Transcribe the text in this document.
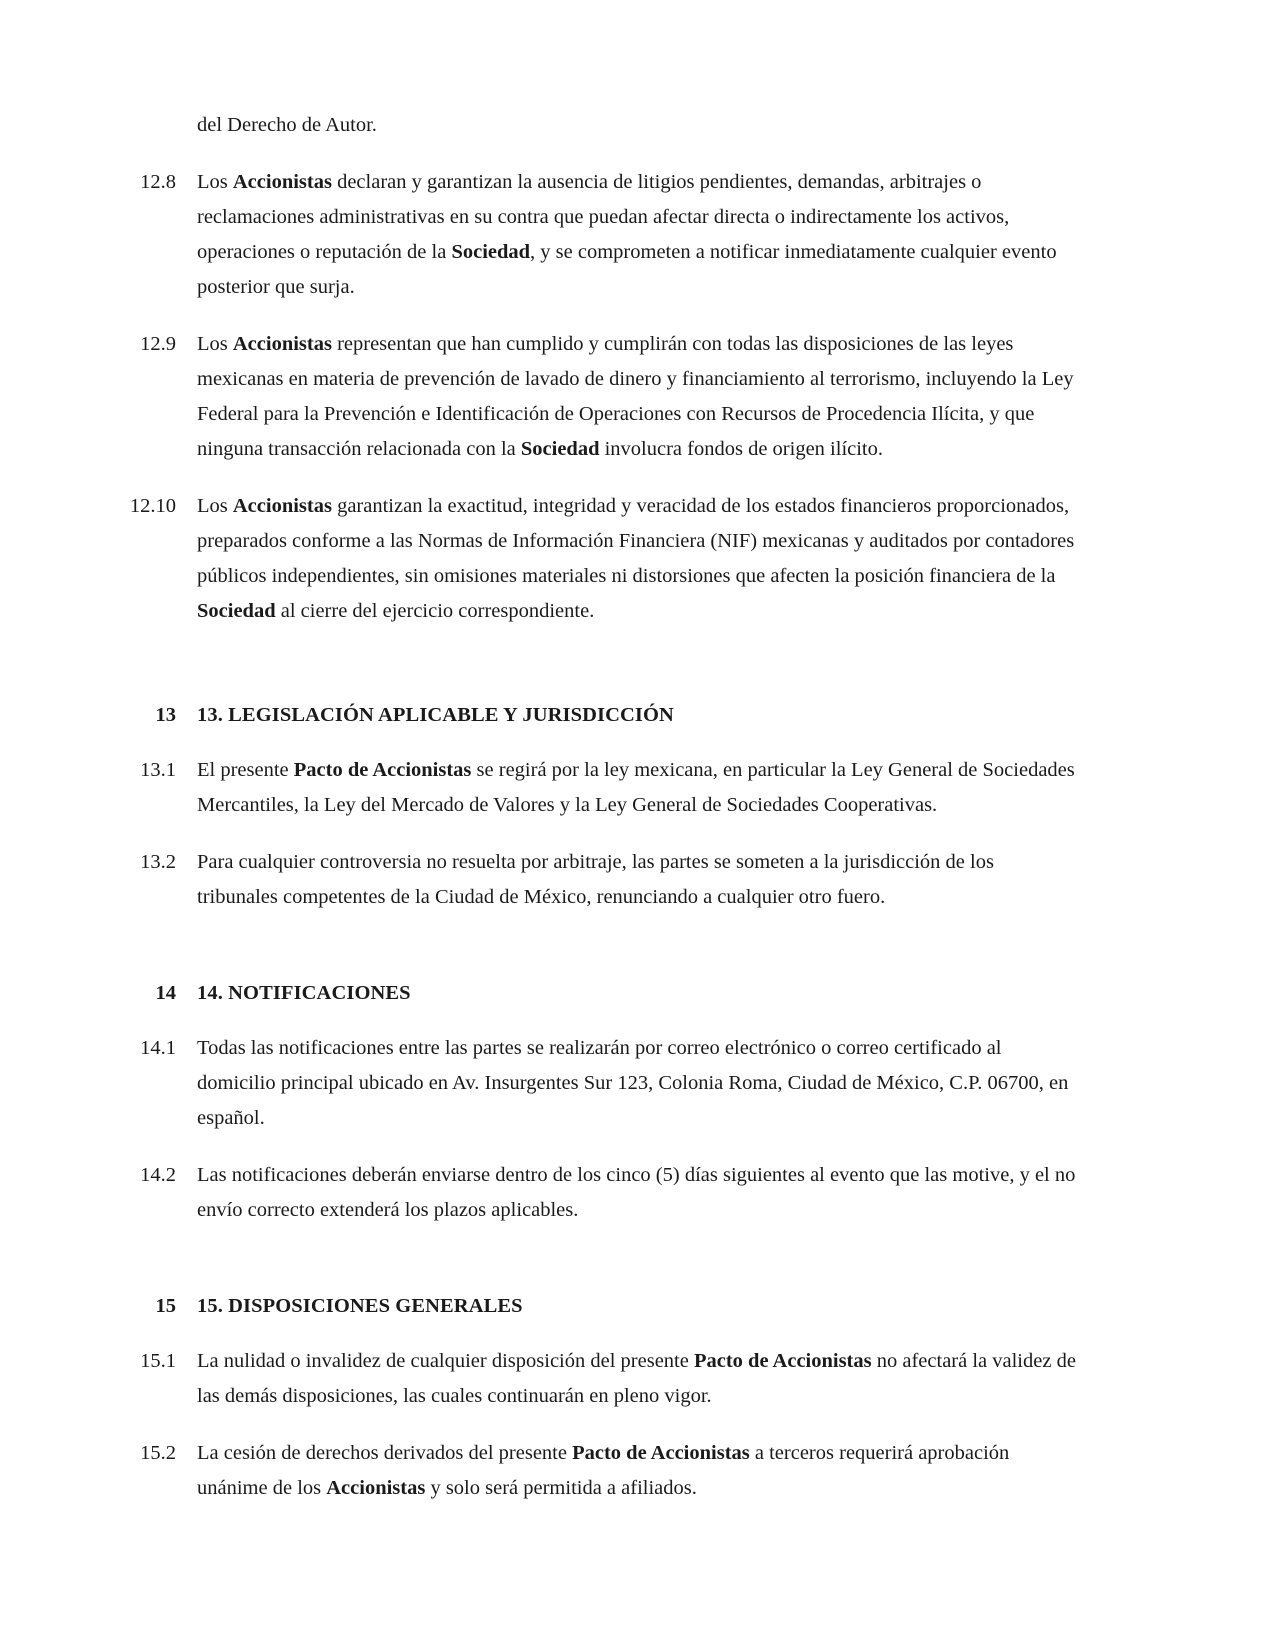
del Derecho de Autor.

12.8	Los Accionistas declaran y garantizan la ausencia de litigios pendientes, demandas, arbitrajes o reclamaciones administrativas en su contra que puedan afectar directa o indirectamente los activos, operaciones o reputación de la Sociedad, y se comprometen a notificar inmediatamente cualquier evento posterior que surja.
12.9	Los Accionistas representan que han cumplido y cumplirán con todas las disposiciones de las leyes mexicanas en materia de prevención de lavado de dinero y financiamiento al terrorismo, incluyendo la Ley Federal para la Prevención e Identificación de Operaciones con Recursos de Procedencia Ilícita, y que ninguna transacción relacionada con la Sociedad involucra fondos de origen ilícito.
12.10	Los Accionistas garantizan la exactitud, integridad y veracidad de los estados financieros proporcionados, preparados conforme a las Normas de Información Financiera (NIF) mexicanas y auditados por contadores públicos independientes, sin omisiones materiales ni distorsiones que afecten la posición financiera de la Sociedad al cierre del ejercicio correspondiente.
13	13. LEGISLACIÓN APLICABLE Y JURISDICCIÓN
13.1	El presente Pacto de Accionistas se regirá por la ley mexicana, en particular la Ley General de Sociedades Mercantiles, la Ley del Mercado de Valores y la Ley General de Sociedades Cooperativas.
13.2	Para cualquier controversia no resuelta por arbitraje, las partes se someten a la jurisdicción de los tribunales competentes de la Ciudad de México, renunciando a cualquier otro fuero.
14	14. NOTIFICACIONES
14.1	Todas las notificaciones entre las partes se realizarán por correo electrónico o correo certificado al domicilio principal ubicado en Av. Insurgentes Sur 123, Colonia Roma, Ciudad de México, C.P. 06700, en español.
14.2	Las notificaciones deberán enviarse dentro de los cinco (5) días siguientes al evento que las motive, y el no envío correcto extenderá los plazos aplicables.
15	15. DISPOSICIONES GENERALES
15.1	La nulidad o invalidez de cualquier disposición del presente Pacto de Accionistas no afectará la validez de las demás disposiciones, las cuales continuarán en pleno vigor.
15.2	La cesión de derechos derivados del presente Pacto de Accionistas a terceros requerirá aprobación unánime de los Accionistas y solo será permitida a afiliados.
